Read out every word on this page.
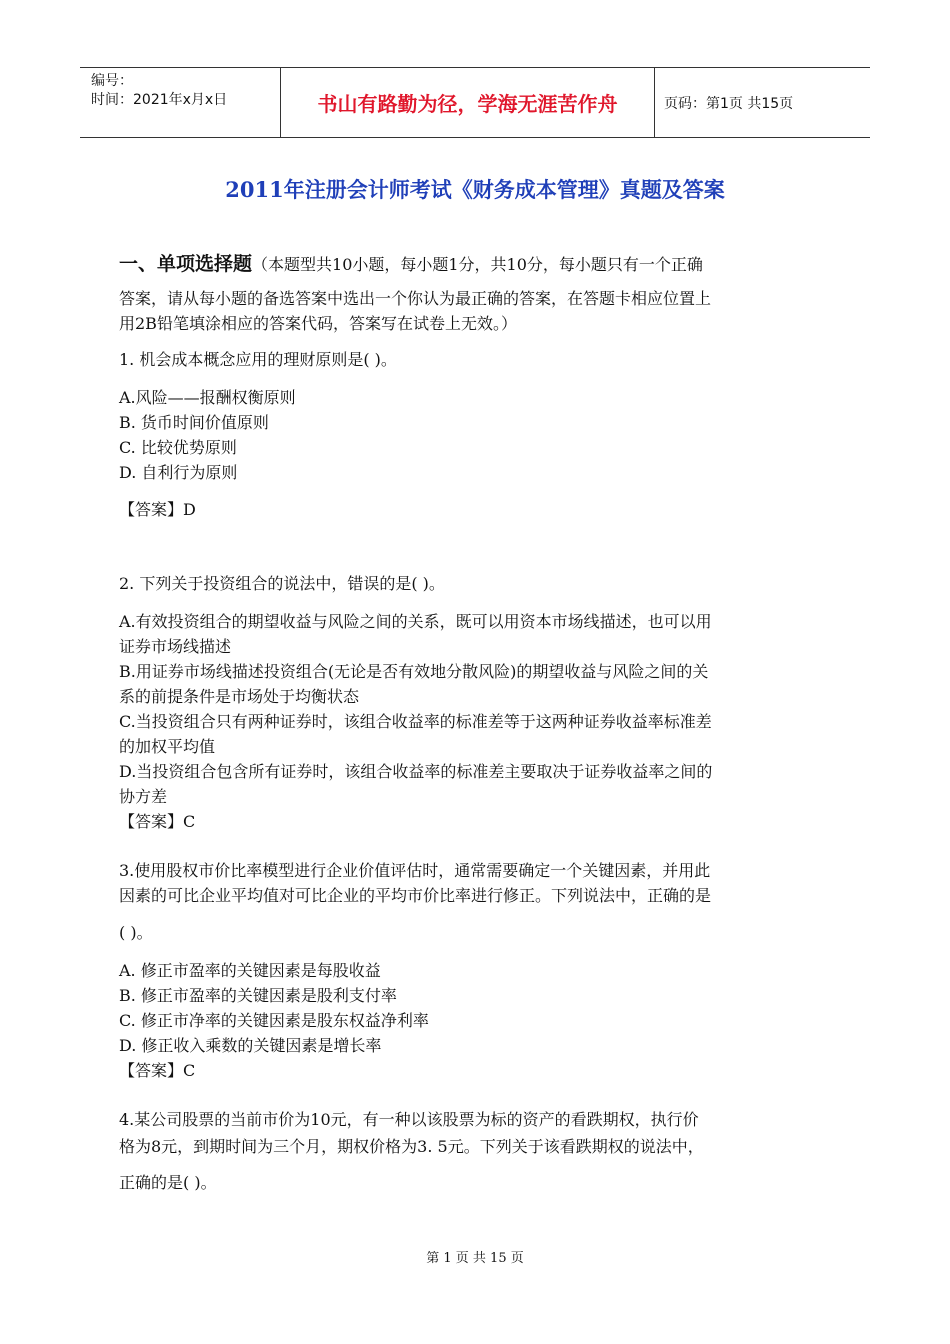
编号：
时间：2021年x月x日	书山有路勤为径，学海无涯苦作舟	页码：第1页 共15页
2011年注册会计师考试《财务成本管理》真题及答案
一、单项选择题（本题型共10小题，每小题1分，共10分，每小题只有一个正确
答案，请从每小题的备选答案中选出一个你认为最正确的答案，在答题卡相应位置上
用2B铅笔填涂相应的答案代码，答案写在试卷上无效。）
1. 机会成本概念应用的理财原则是( )。
A.风险——报酬权衡原则
B. 货币时间价值原则
C. 比较优势原则
D. 自利行为原则
【答案】D
2. 下列关于投资组合的说法中，错误的是( )。
A.有效投资组合的期望收益与风险之间的关系，既可以用资本市场线描述，也可以用
证券市场线描述
B.用证券市场线描述投资组合(无论是否有效地分散风险)的期望收益与风险之间的关
系的前提条件是市场处于均衡状态
C.当投资组合只有两种证券时，该组合收益率的标准差等于这两种证券收益率标准差
的加权平均值
D.当投资组合包含所有证券时，该组合收益率的标准差主要取决于证券收益率之间的
协方差
【答案】C
3.使用股权市价比率模型进行企业价值评估时，通常需要确定一个关键因素，并用此
因素的可比企业平均值对可比企业的平均市价比率进行修正。下列说法中，正确的是
( )。
A. 修正市盈率的关键因素是每股收益
B. 修正市盈率的关键因素是股利支付率
C. 修正市净率的关键因素是股东权益净利率
D. 修正收入乘数的关键因素是增长率
【答案】C
4.某公司股票的当前市价为10元，有一种以该股票为标的资产的看跌期权，执行价
格为8元，到期时间为三个月，期权价格为3. 5元。下列关于该看跌期权的说法中，
正确的是( )。
第 1 页 共 15 页
